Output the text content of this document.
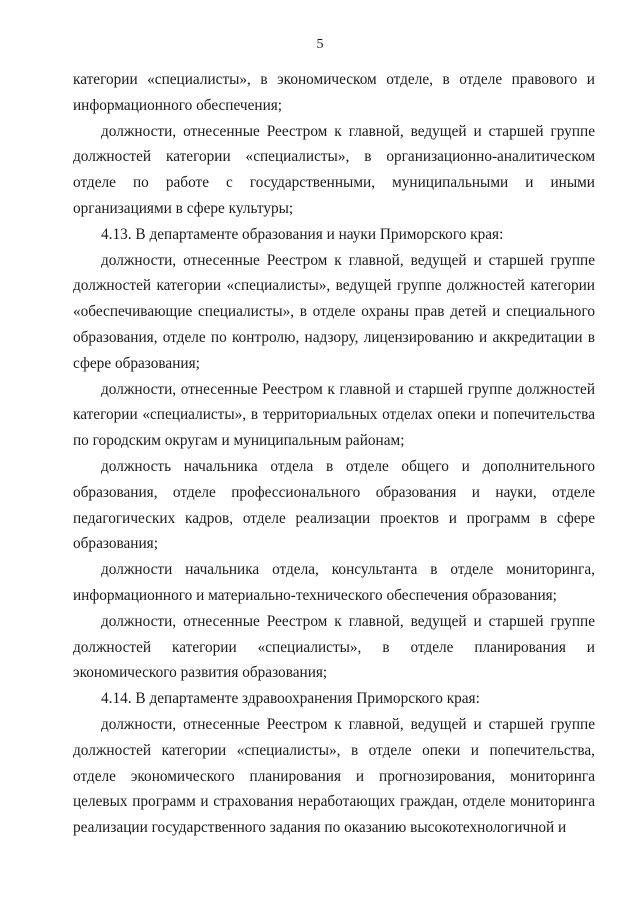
5

категории «специалисты», в экономическом отделе, в отделе правового и информационного обеспечения;

должности, отнесенные Реестром к главной, ведущей и старшей группе должностей категории «специалисты», в организационно-аналитическом отделе по работе с государственными, муниципальными и иными организациями в сфере культуры;

4.13. В департаменте образования и науки Приморского края:

должности, отнесенные Реестром к главной, ведущей и старшей группе должностей категории «специалисты», ведущей группе должностей категории «обеспечивающие специалисты», в отделе охраны прав детей и специального образования, отделе по контролю, надзору, лицензированию и аккредитации в сфере образования;

должности, отнесенные Реестром к главной и старшей группе должностей категории «специалисты», в территориальных отделах опеки и попечительства по городским округам и муниципальным районам;

должность начальника отдела в отделе общего и дополнительного образования, отделе профессионального образования и науки, отделе педагогических кадров, отделе реализации проектов и программ в сфере образования;

должности начальника отдела, консультанта в отделе мониторинга, информационного и материально-технического обеспечения образования;

должности, отнесенные Реестром к главной, ведущей и старшей группе должностей категории «специалисты», в отделе планирования и экономического развития образования;

4.14. В департаменте здравоохранения Приморского края:

должности, отнесенные Реестром к главной, ведущей и старшей группе должностей категории «специалисты», в отделе опеки и попечительства, отделе экономического планирования и прогнозирования, мониторинга целевых программ и страхования неработающих граждан, отделе мониторинга реализации государственного задания по оказанию высокотехнологичной и
